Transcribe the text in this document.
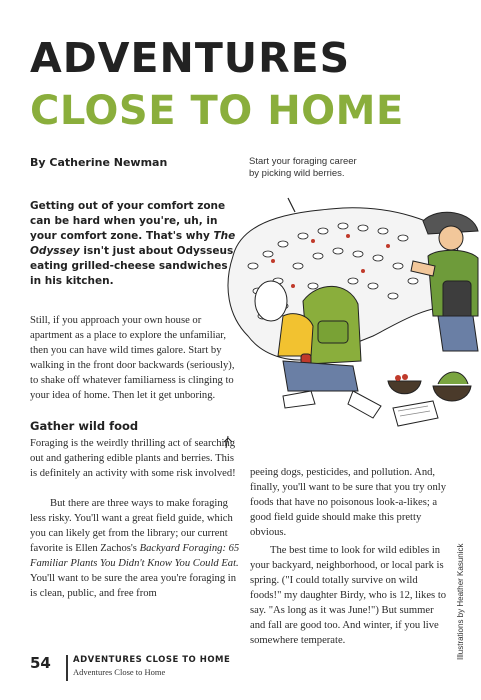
ADVENTURES
CLOSE TO HOME
By Catherine Newman	Start your foraging career by picking wild berries.
Getting out of your comfort zone can be hard when you're, uh, in your comfort zone. That's why The Odyssey isn't just about Odysseus eating grilled-cheese sandwiches in his kitchen.

Still, if you approach your own house or apartment as a place to explore the unfamiliar, then you can have wild times galore. Start by walking in the front door backwards (seriously), to shake off whatever familiarness is clinging to your idea of home. Then let it get unboring.

Gather wild food

Foraging is the weirdly thrilling act of searching out and gathering edible plants and berries. This is definitely an activity with some risk involved!

But there are three ways to make foraging less risky. You'll want a great field guide, which you can likely get from the library; our current favorite is Ellen Zachos's Backyard Foraging: 65 Familiar Plants You Didn't Know You Could Eat. You'll want to be sure the area you're foraging in is clean, public, and free from

peeing dogs, pesticides, and pollution. And, finally, you'll want to be sure that you try only foods that have no poisonous look-a-likes; a good field guide should make this pretty obvious.

The best time to look for wild edibles in your backyard, neighborhood, or local park is spring. ("I could totally survive on wild foods!" my daughter Birdy, who is 12, likes to say. "As long as it was June!") But summer and fall are good too. And winter, if you live somewhere temperate.	Illustrations by Heather Kasunick
54	ADVENTURES CLOSE TO HOME
Adventures Close to Home
